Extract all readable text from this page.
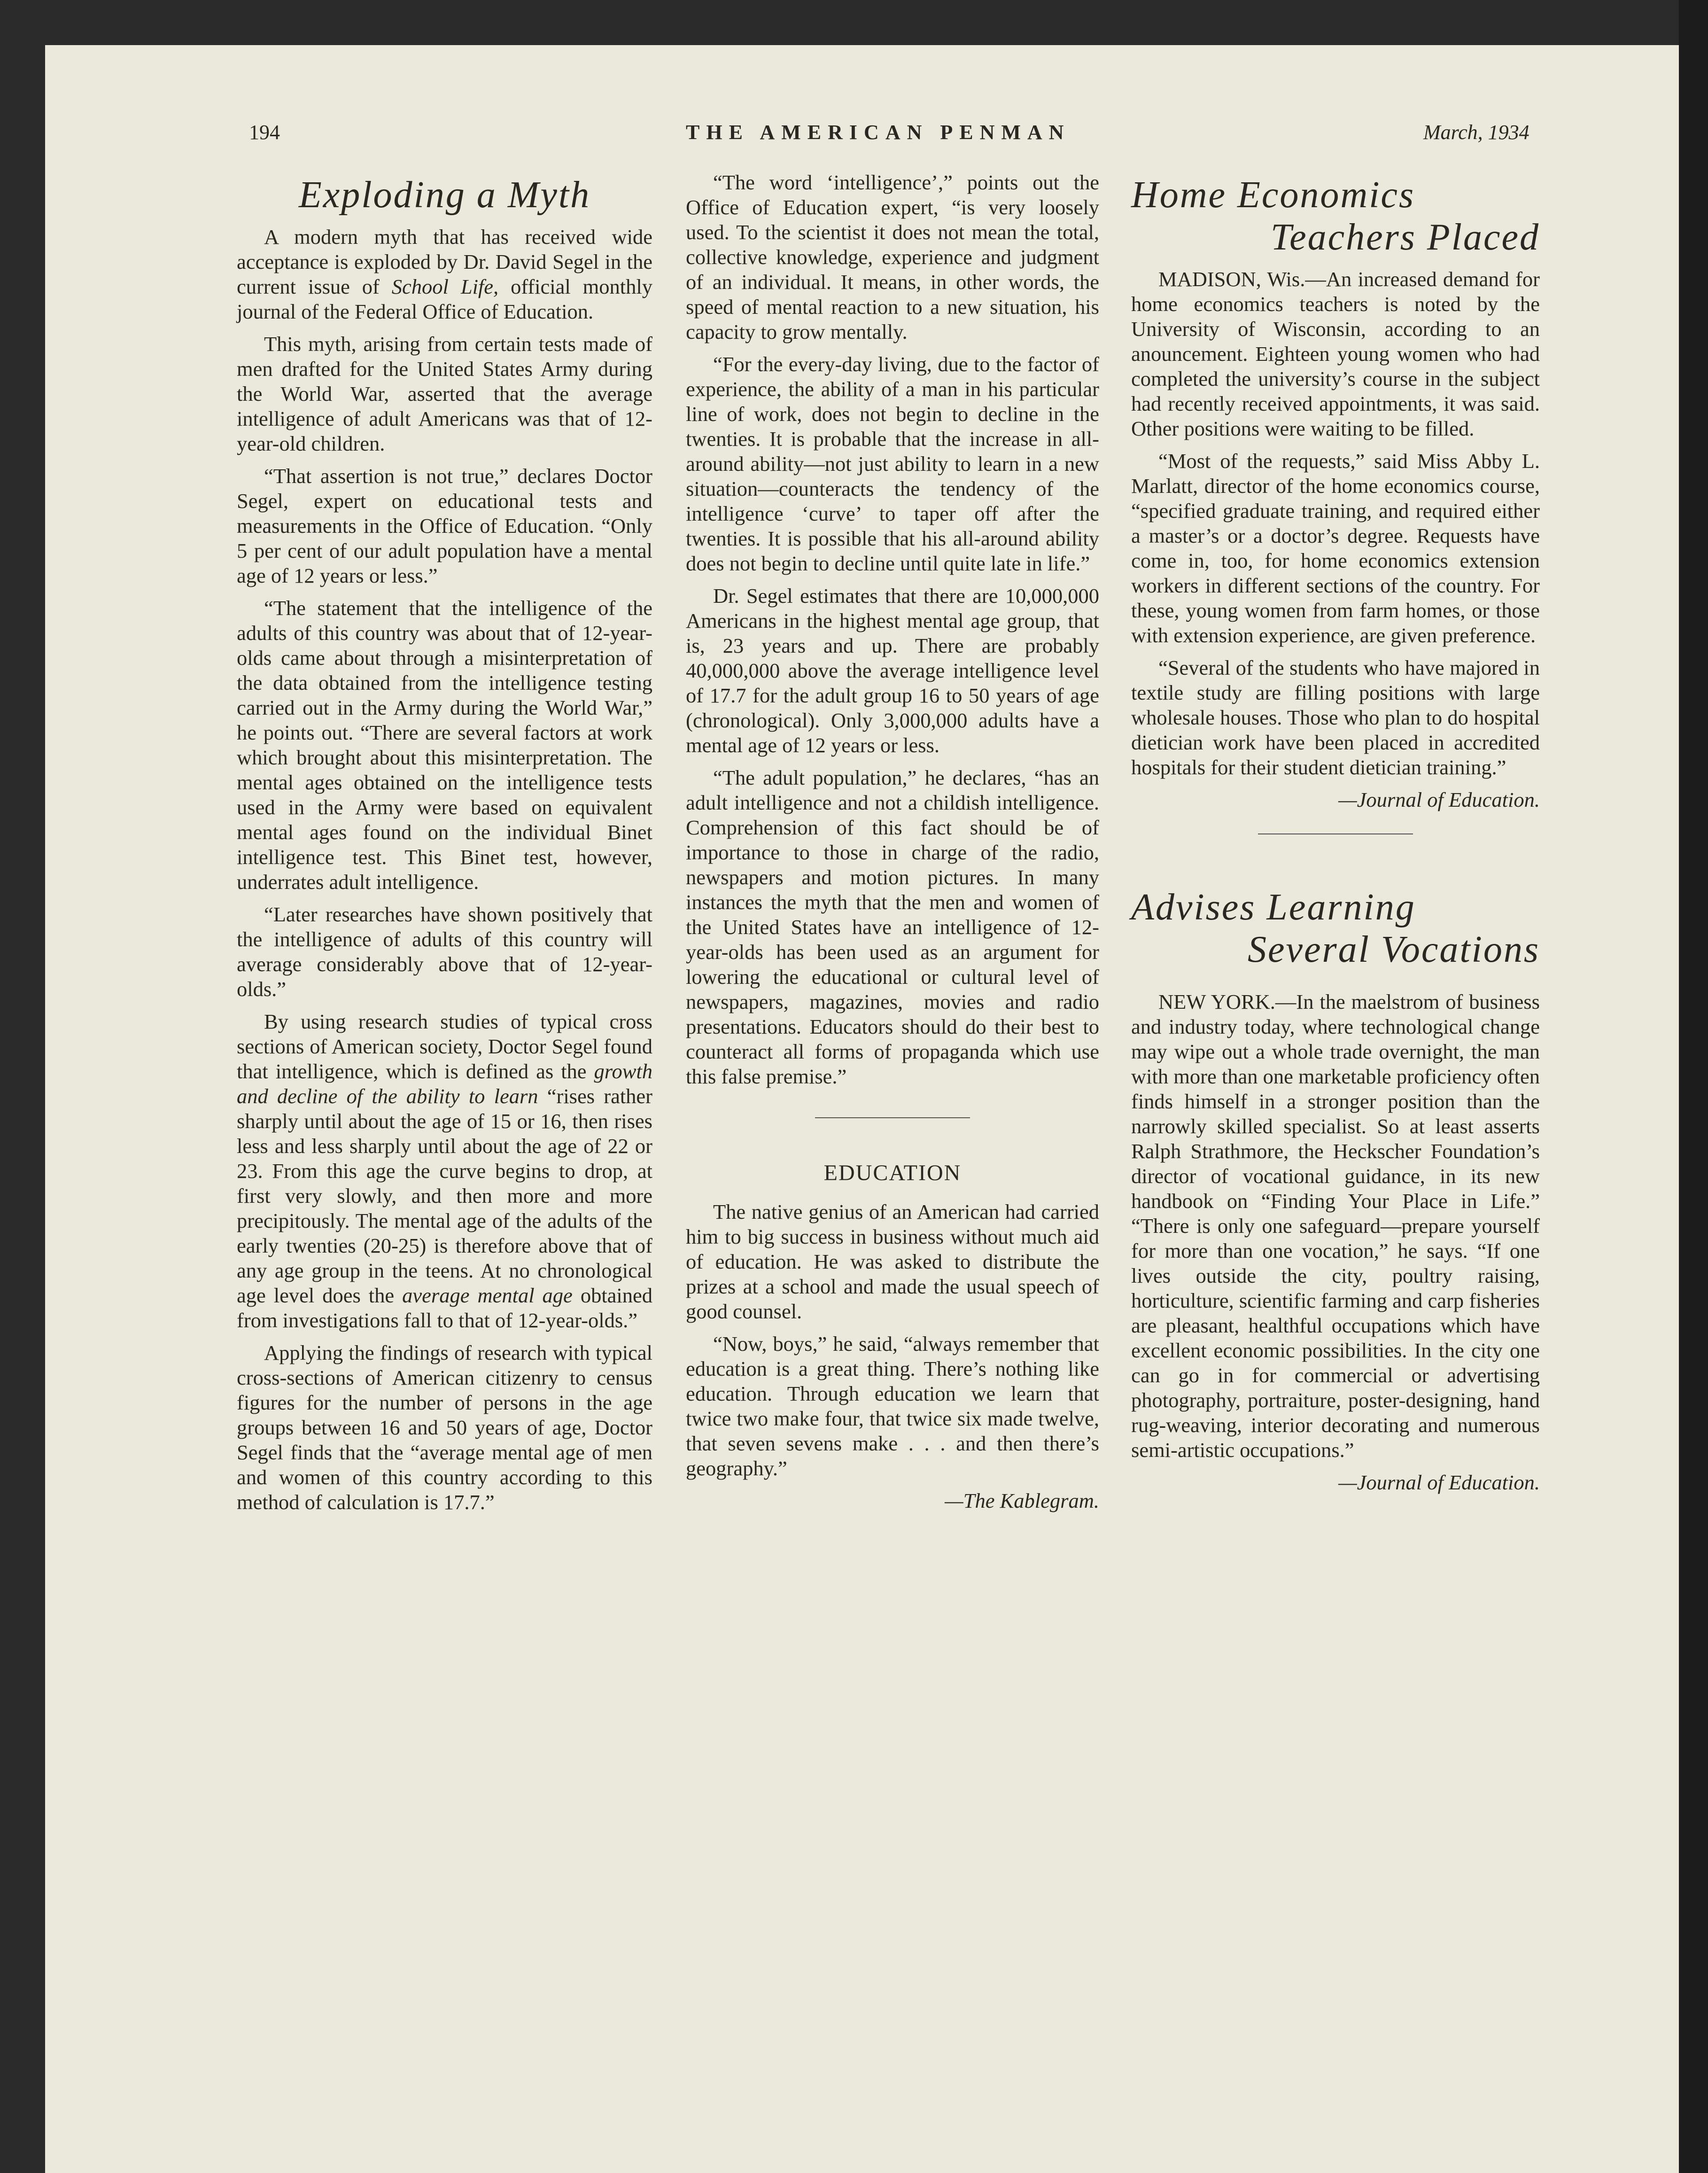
194	THE AMERICAN PENMAN	March, 1934
Exploding a Myth

A modern myth that has received wide acceptance is exploded by Dr. David Segel in the current issue of School Life, official monthly journal of the Federal Office of Education.

This myth, arising from certain tests made of men drafted for the United States Army during the World War, asserted that the average intelligence of adult Americans was that of 12-year-old children.

“That assertion is not true,” declares Doctor Segel, expert on educational tests and measurements in the Office of Education. “Only 5 per cent of our adult population have a mental age of 12 years or less.”

“The statement that the intelligence of the adults of this country was about that of 12-year-olds came about through a misinterpretation of the data obtained from the intelligence testing carried out in the Army during the World War,” he points out. “There are several factors at work which brought about this misinterpretation. The mental ages obtained on the intelligence tests used in the Army were based on equivalent mental ages found on the individual Binet intelligence test. This Binet test, however, underrates adult intelligence.

“Later researches have shown positively that the intelligence of adults of this country will average considerably above that of 12-year-olds.”

By using research studies of typical cross sections of American society, Doctor Segel found that intelligence, which is defined as the growth and decline of the ability to learn “rises rather sharply until about the age of 15 or 16, then rises less and less sharply until about the age of 22 or 23. From this age the curve begins to drop, at first very slowly, and then more and more precipitously. The mental age of the adults of the early twenties (20-25) is therefore above that of any age group in the teens. At no chronological age level does the average mental age obtained from investigations fall to that of 12-year-olds.”

Applying the findings of research with typical cross-sections of American citizenry to census figures for the number of persons in the age groups between 16 and 50 years of age, Doctor Segel finds that the “average mental age of men and women of this country according to this method of calculation is 17.7.”

“The word ‘intelligence’,” points out the Office of Education expert, “is very loosely used. To the scientist it does not mean the total, collective knowledge, experience and judgment of an individual. It means, in other words, the speed of mental reaction to a new situation, his capacity to grow mentally.

“For the every-day living, due to the factor of experience, the ability of a man in his particular line of work, does not begin to decline in the twenties. It is probable that the increase in all-around ability—not just ability to learn in a new situation—counteracts the tendency of the intelligence ‘curve’ to taper off after the twenties. It is possible that his all-around ability does not begin to decline until quite late in life.”

Dr. Segel estimates that there are 10,000,000 Americans in the highest mental age group, that is, 23 years and up. There are probably 40,000,000 above the average intelligence level of 17.7 for the adult group 16 to 50 years of age (chronological). Only 3,000,000 adults have a mental age of 12 years or less.

“The adult population,” he declares, “has an adult intelligence and not a childish intelligence. Comprehension of this fact should be of importance to those in charge of the radio, newspapers and motion pictures. In many instances the myth that the men and women of the United States have an intelligence of 12-year-olds has been used as an argument for lowering the educational or cultural level of newspapers, magazines, movies and radio presentations. Educators should do their best to counteract all forms of propaganda which use this false premise.”

EDUCATION

The native genius of an American had carried him to big success in business without much aid of education. He was asked to distribute the prizes at a school and made the usual speech of good counsel.

“Now, boys,” he said, “always remember that education is a great thing. There’s nothing like education. Through education we learn that twice two make four, that twice six made twelve, that seven sevens make . . . and then there’s geography.”

—The Kablegram.

Home Economics
Teachers Placed

MADISON, Wis.—An increased demand for home economics teachers is noted by the University of Wisconsin, according to an anouncement. Eighteen young women who had completed the university’s course in the subject had recently received appointments, it was said. Other positions were waiting to be filled.

“Most of the requests,” said Miss Abby L. Marlatt, director of the home economics course, “specified graduate training, and required either a master’s or a doctor’s degree. Requests have come in, too, for home economics extension workers in different sections of the country. For these, young women from farm homes, or those with extension experience, are given preference.

“Several of the students who have majored in textile study are filling positions with large wholesale houses. Those who plan to do hospital dietician work have been placed in accredited hospitals for their student dietician training.”

—Journal of Education.

Advises Learning
Several Vocations

NEW YORK.—In the maelstrom of business and industry today, where technological change may wipe out a whole trade overnight, the man with more than one marketable proficiency often finds himself in a stronger position than the narrowly skilled specialist. So at least asserts Ralph Strathmore, the Heckscher Foundation’s director of vocational guidance, in its new handbook on “Finding Your Place in Life.” “There is only one safeguard—prepare yourself for more than one vocation,” he says. “If one lives outside the city, poultry raising, horticulture, scientific farming and carp fisheries are pleasant, healthful occupations which have excellent economic possibilities. In the city one can go in for commercial or advertising photography, portraiture, poster-designing, hand rug-weaving, interior decorating and numerous semi-artistic occupations.”

—Journal of Education.
